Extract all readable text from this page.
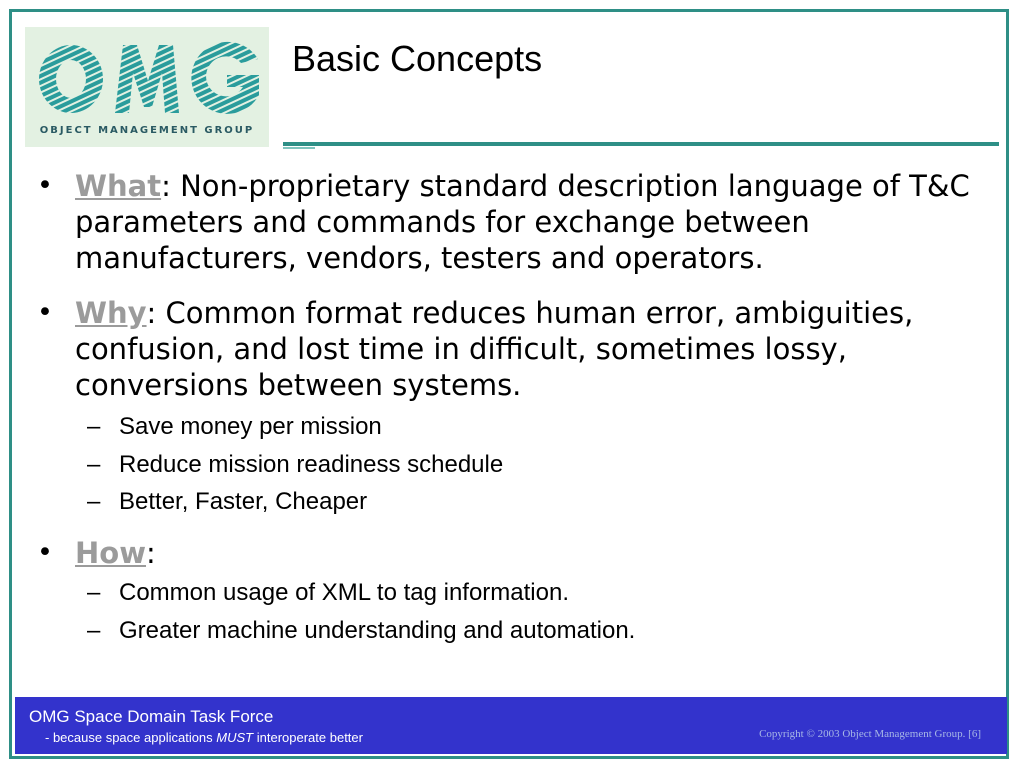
OBJECT MANAGEMENT GROUP
Basic Concepts
• What: Non-proprietary standard description language of T&C parameters and commands for exchange between manufacturers, vendors, testers and operators.
• Why: Common format reduces human error, ambiguities, confusion, and lost time in difficult, sometimes lossy, conversions between systems.
– Save money per mission
– Reduce mission readiness schedule
– Better, Faster, Cheaper
• How:
– Common usage of XML to tag information.
– Greater machine understanding and automation.
OMG Space Domain Task Force
- because space applications MUST interoperate better	Copyright © 2003 Object Management Group. [6]
